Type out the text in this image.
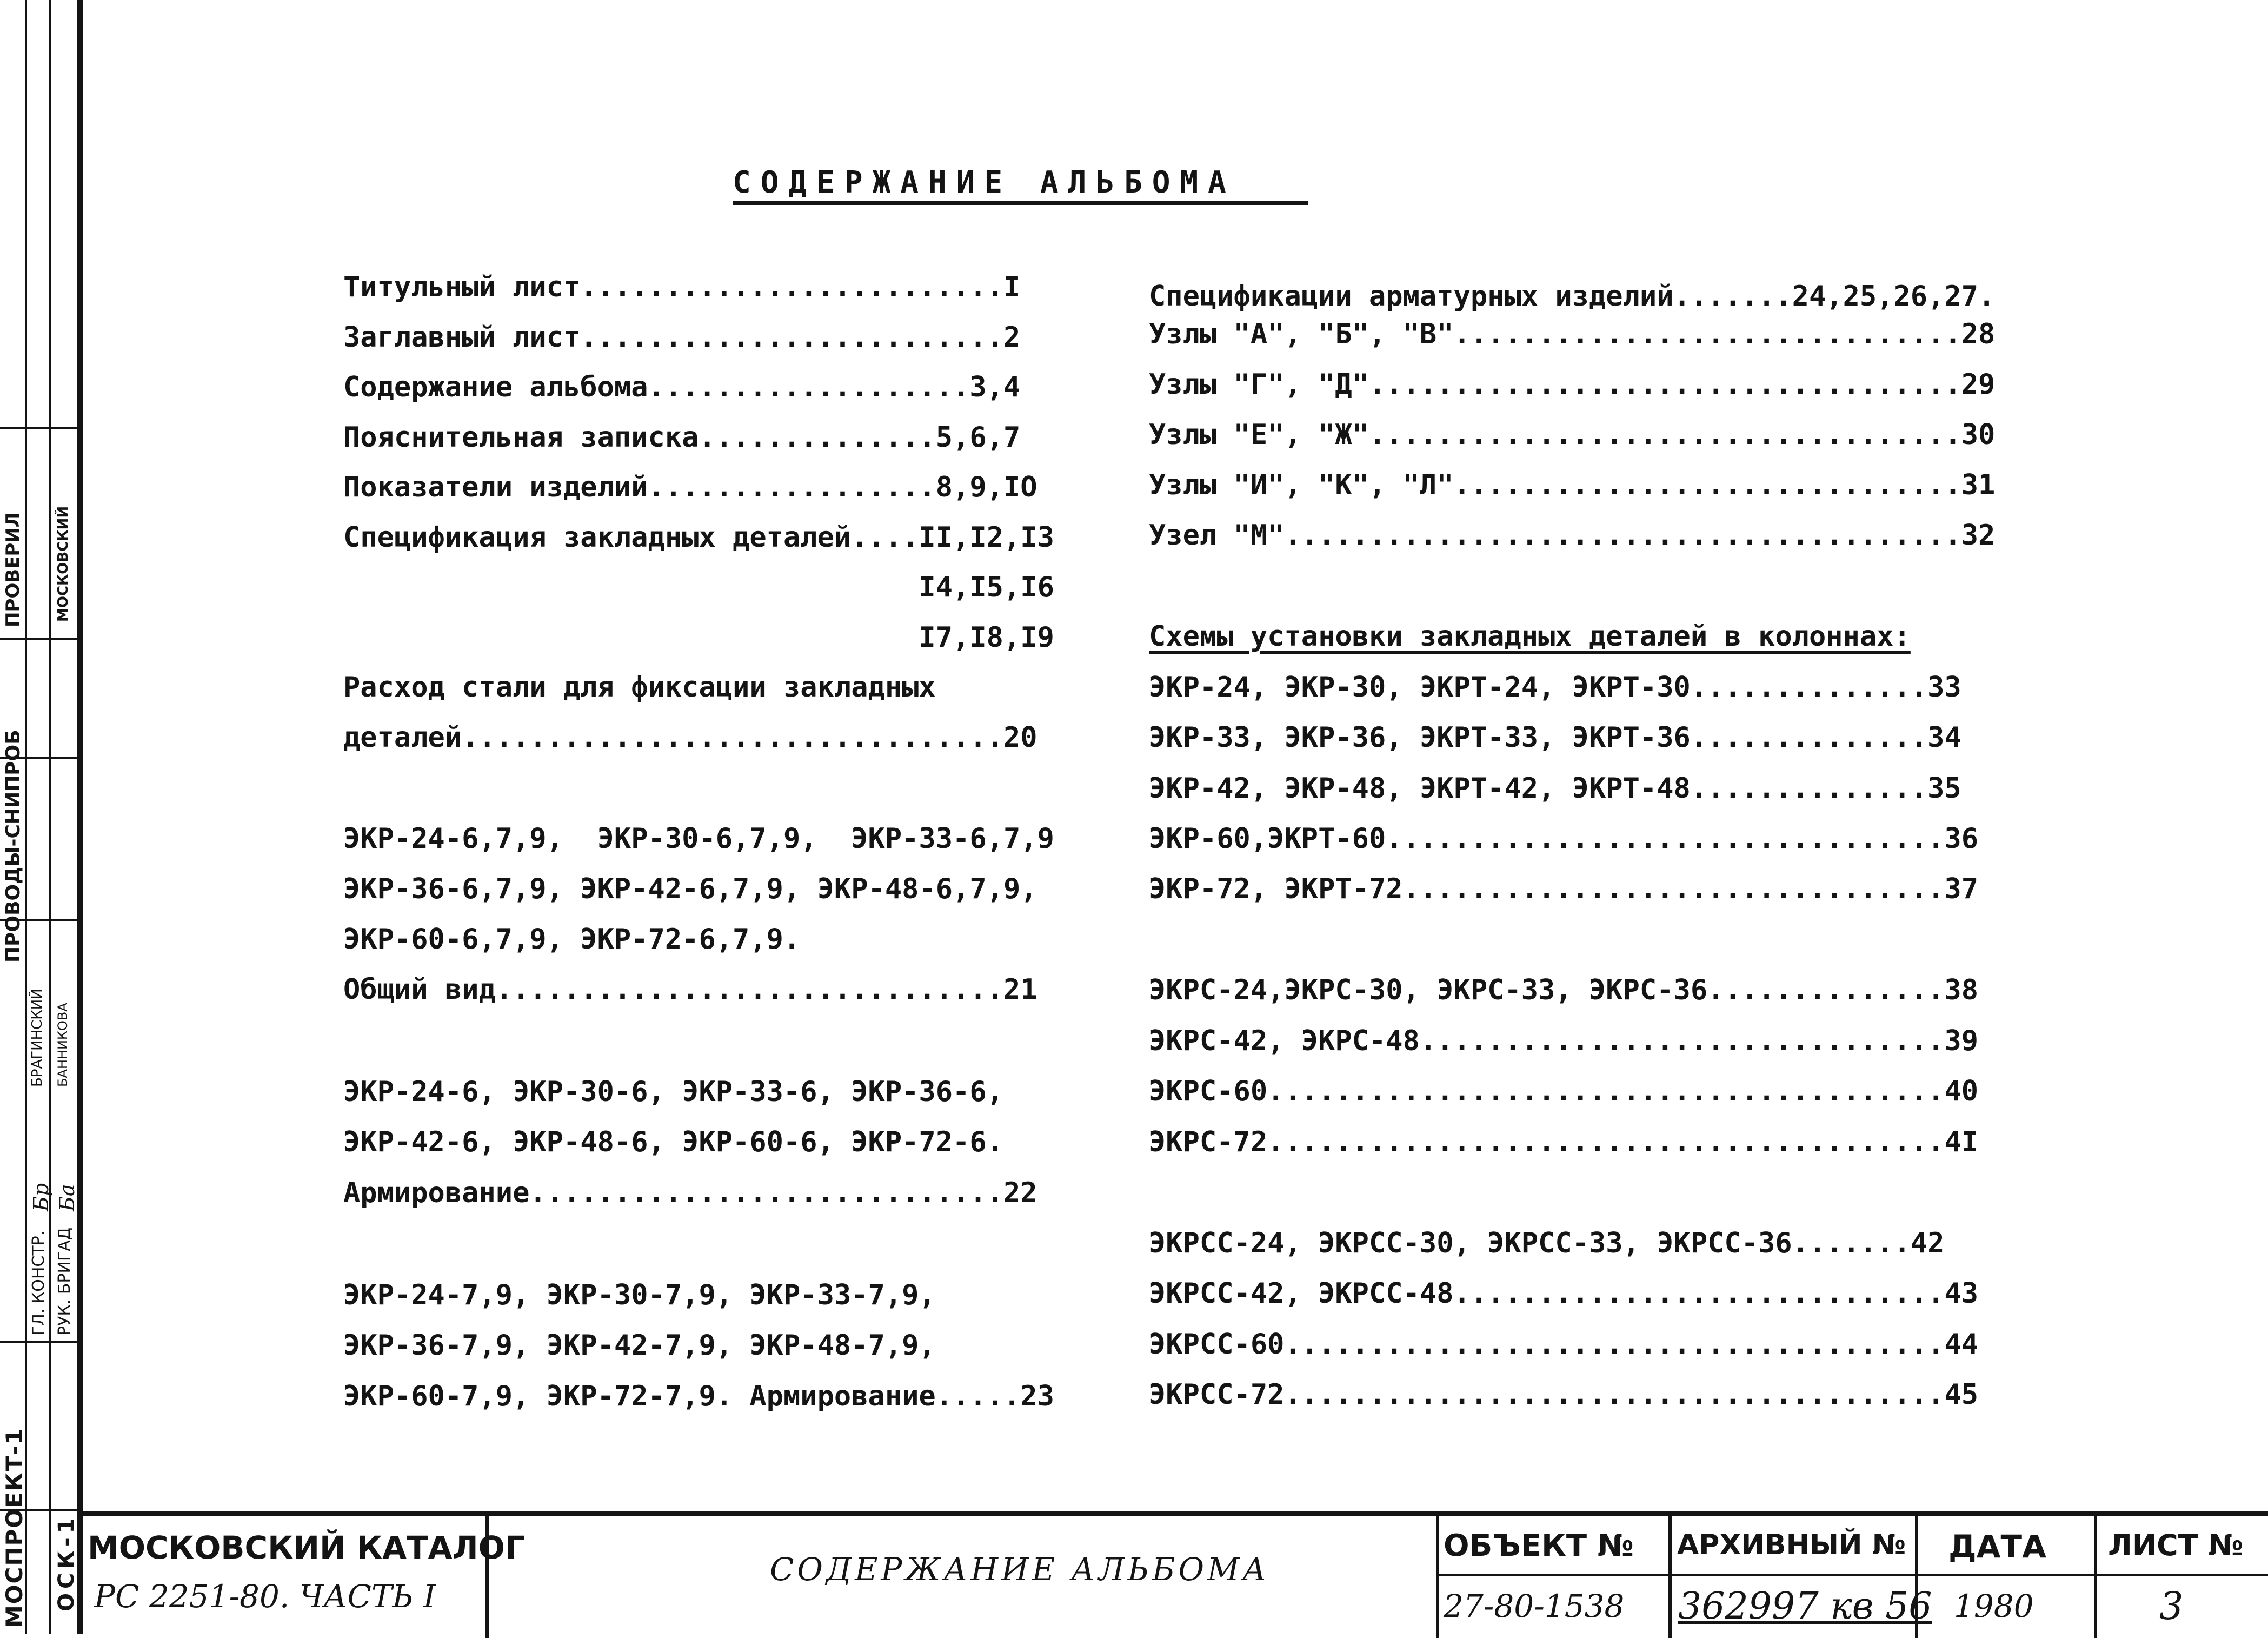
МОСПРОЕКТ-1 ОСК-1
ГЛ. КОНСТР. РУК. БРИГАД
Бр Ба
БРАГИНСКИЙ БАННИКОВА
ПРОВОДЫ-СНИПРОБ
ПРОВЕРИЛ МОСКОВСКИЙ
СОДЕРЖАНИЕ АЛЬБОМА
Титульный лист.........................I
Заглавный лист.........................2
Содержание альбома...................3,4
Пояснительная записка..............5,6,7
Показатели изделий.................8,9,IO
Спецификация закладных деталей....II,I2,I3
I4,I5,I6
I7,I8,I9
Расход стали для фиксации закладных
деталей................................20
ЭКР-24-6,7,9,  ЭКР-30-6,7,9,  ЭКР-33-6,7,9
ЭКР-36-6,7,9, ЭКР-42-6,7,9, ЭКР-48-6,7,9,
ЭКР-60-6,7,9, ЭКР-72-6,7,9.
Общий вид..............................21
ЭКР-24-6, ЭКР-30-6, ЭКР-33-6, ЭКР-36-6,
ЭКР-42-6, ЭКР-48-6, ЭКР-60-6, ЭКР-72-6.
Армирование............................22
ЭКР-24-7,9, ЭКР-30-7,9, ЭКР-33-7,9,
ЭКР-36-7,9, ЭКР-42-7,9, ЭКР-48-7,9,
ЭКР-60-7,9, ЭКР-72-7,9. Армирование.....23
Спецификации арматурных изделий.......24,25,26,27.
Узлы "А", "Б", "В"..............................28
Узлы "Г", "Д"...................................29
Узлы "Е", "Ж"...................................30
Узлы "И", "К", "Л"..............................31
Узел "М"........................................32
Схемы установки закладных деталей в колоннах:
ЭКР-24, ЭКР-30, ЭКРТ-24, ЭКРТ-30..............33
ЭКР-33, ЭКР-36, ЭКРТ-33, ЭКРТ-36..............34
ЭКР-42, ЭКР-48, ЭКРТ-42, ЭКРТ-48..............35
ЭКР-60,ЭКРТ-60.................................36
ЭКР-72, ЭКРТ-72................................37
ЭКРС-24,ЭКРС-30, ЭКРС-33, ЭКРС-36..............38
ЭКРС-42, ЭКРС-48...............................39
ЭКРС-60........................................40
ЭКРС-72........................................4I
ЭКРСС-24, ЭКРСС-30, ЭКРСС-33, ЭКРСС-36.......42
ЭКРСС-42, ЭКРСС-48.............................43
ЭКРСС-60.......................................44
ЭКРСС-72.......................................45
МОСКОВСКИЙ КАТАЛОГ
РС 2251-80. ЧАСТЬ I
СОДЕРЖАНИЕ АЛЬБОМА
ОБЪЕКТ №
27-80-1538
АРХИВНЫЙ №
362997 кв 56
ДАТА
1980
ЛИСТ №
3
